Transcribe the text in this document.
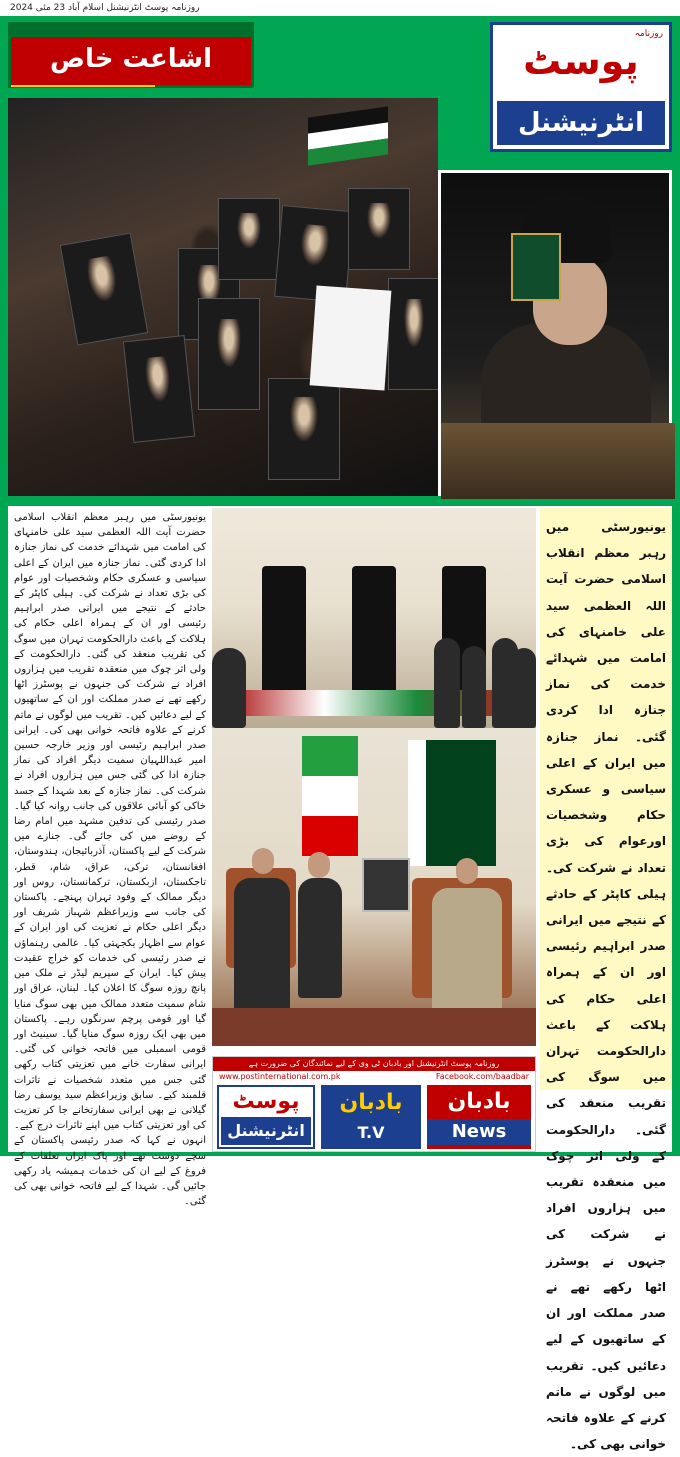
روزنامہ پوسٹ انٹرنیشنل اسلام آباد 23 مئی 2024
اشاعت خاص
روزنامہ
پوسٹ
انٹرنیشنل
یونیورسٹی میں رہبر معظم انقلاب اسلامی حضرت آیت اللہ العظمی سید علی خامنہای کی امامت میں شہدائے خدمت کی نماز جنازہ ادا کردی گئی۔ نماز جنازہ میں ایران کے اعلی سیاسی و عسکری حکام وشخصیات اورعوام کی بڑی تعداد نے شرکت کی۔ ہیلی کاپٹر کے حادثے کے نتیجے میں ایرانی صدر ابراہیم رئیسی اور ان کے ہمراہ اعلی حکام کی ہلاکت کے باعث دارالحکومت تہران میں سوگ کی تقریب منعقد کی گئی۔ دارالحکومت کے ولی اثر چوک میں منعقدہ تقریب میں ہزاروں افراد نے شرکت کی جنہوں نے پوسٹرز اٹھا رکھے تھے نے صدر مملکت اور ان کے ساتھیوں کے لیے دعائیں کیں۔ تقریب میں لوگوں نے ماتم کرنے کے علاوہ فاتحہ خوانی بھی کی۔
یونیورسٹی میں رہبر معظم انقلاب اسلامی حضرت آیت اللہ العظمی سید علی خامنہای کی امامت میں شہدائے خدمت کی نماز جنازہ ادا کردی گئی۔ نماز جنازہ میں ایران کے اعلی سیاسی و عسکری حکام وشخصیات اور عوام کی بڑی تعداد نے شرکت کی۔ ہیلی کاپٹر کے حادثے کے نتیجے میں ایرانی صدر ابراہیم رئیسی اور ان کے ہمراہ اعلی حکام کی ہلاکت کے باعث دارالحکومت تہران میں سوگ کی تقریب منعقد کی گئی۔ دارالحکومت کے ولی اثر چوک میں منعقدہ تقریب میں ہزاروں افراد نے شرکت کی جنہوں نے پوسٹرز اٹھا رکھے تھے نے صدر مملکت اور ان کے ساتھیوں کے لیے دعائیں کیں۔ تقریب میں لوگوں نے ماتم کرنے کے علاوہ فاتحہ خوانی بھی کی۔ ایرانی صدر ابراہیم رئیسی اور وزیر خارجہ حسین امیر عبداللہیان سمیت دیگر افراد کی نماز جنازہ ادا کی گئی جس میں ہزاروں افراد نے شرکت کی۔ نماز جنازہ کے بعد شہدا کے جسد خاکی کو آبائی علاقوں کی جانب روانہ کیا گیا۔ صدر رئیسی کی تدفین مشہد میں امام رضا کے روضے میں کی جائے گی۔ جنازے میں شرکت کے لیے پاکستان، آذربائیجان، ہندوستان، افغانستان، ترکی، عراق، شام، قطر، تاجکستان، ازبکستان، ترکمانستان، روس اور دیگر ممالک کے وفود تہران پہنچے۔ پاکستان کی جانب سے وزیراعظم شہباز شریف اور دیگر اعلی حکام نے تعزیت کی اور ایران کے عوام سے اظہار یکجہتی کیا۔ عالمی رہنماؤں نے صدر رئیسی کی خدمات کو خراج عقیدت پیش کیا۔ ایران کے سپریم لیڈر نے ملک میں پانچ روزہ سوگ کا اعلان کیا۔ لبنان، عراق اور شام سمیت متعدد ممالک میں بھی سوگ منایا گیا اور قومی پرچم سرنگوں رہے۔ پاکستان میں بھی ایک روزہ سوگ منایا گیا۔ سینیٹ اور قومی اسمبلی میں فاتحہ خوانی کی گئی۔ ایرانی سفارت خانے میں تعزیتی کتاب رکھی گئی جس میں متعدد شخصیات نے تاثرات قلمبند کیے۔ سابق وزیراعظم سید یوسف رضا گیلانی نے بھی ایرانی سفارتخانے جا کر تعزیت کی اور تعزیتی کتاب میں اپنے تاثرات درج کیے۔ انہوں نے کہا کہ صدر رئیسی پاکستان کے سچے دوست تھے اور پاک ایران تعلقات کے فروغ کے لیے ان کی خدمات ہمیشہ یاد رکھی جائیں گی۔ شہدا کے لیے فاتحہ خوانی بھی کی گئی۔
روزنامہ پوسٹ انٹرنیشنل اور بادبان ٹی وی کے لیے نمائندگان کی ضرورت ہے
www.postinternational.com.pk	Facebook.com/baadbar
پوسٹ
انٹرنیشنل
بادبان
T.V
بادبان
News
